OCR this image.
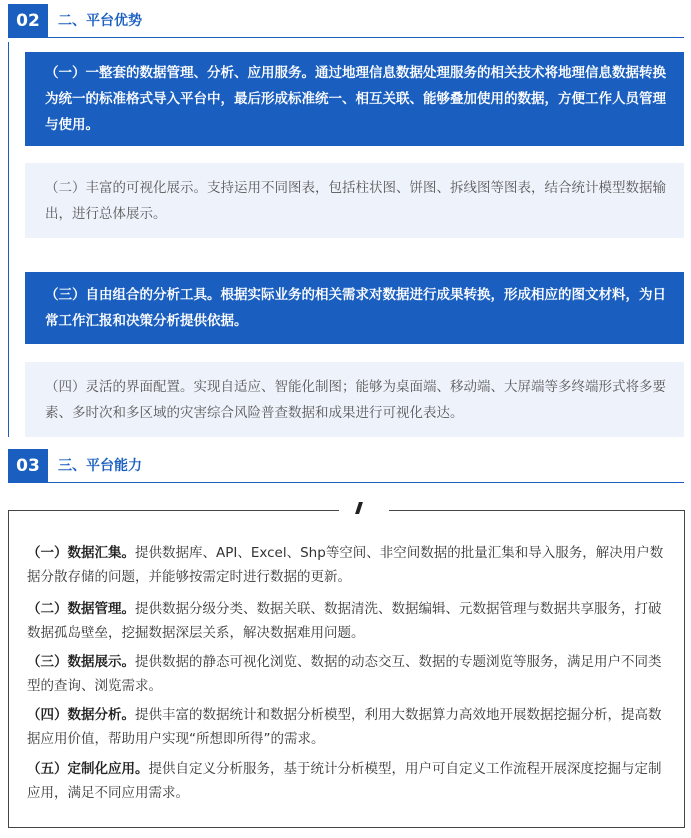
02	二、平台优势
（一）一整套的数据管理、分析、应用服务。通过地理信息数据处理服务的相关技术将地理信息数据转换为统一的标准格式导入平台中，最后形成标准统一、相互关联、能够叠加使用的数据，方便工作人员管理与使用。
（二）丰富的可视化展示。支持运用不同图表，包括柱状图、饼图、拆线图等图表，结合统计模型数据输出，进行总体展示。
（三）自由组合的分析工具。根据实际业务的相关需求对数据进行成果转换，形成相应的图文材料，为日常工作汇报和决策分析提供依据。
（四）灵活的界面配置。实现自适应、智能化制图；能够为桌面端、移动端、大屏端等多终端形式将多要素、多时次和多区域的灾害综合风险普查数据和成果进行可视化表达。
03	三、平台能力
（一）数据汇集。提供数据库、API、Excel、Shp等空间、非空间数据的批量汇集和导入服务，解决用户数据分散存储的问题，并能够按需定时进行数据的更新。
（二）数据管理。提供数据分级分类、数据关联、数据清洗、数据编辑、元数据管理与数据共享服务，打破数据孤岛壁垒，挖掘数据深层关系，解决数据难用问题。
（三）数据展示。提供数据的静态可视化浏览、数据的动态交互、数据的专题浏览等服务，满足用户不同类型的查询、浏览需求。
（四）数据分析。提供丰富的数据统计和数据分析模型，利用大数据算力高效地开展数据挖掘分析，提高数据应用价值，帮助用户实现“所想即所得”的需求。
（五）定制化应用。提供自定义分析服务，基于统计分析模型，用户可自定义工作流程开展深度挖掘与定制应用，满足不同应用需求。
